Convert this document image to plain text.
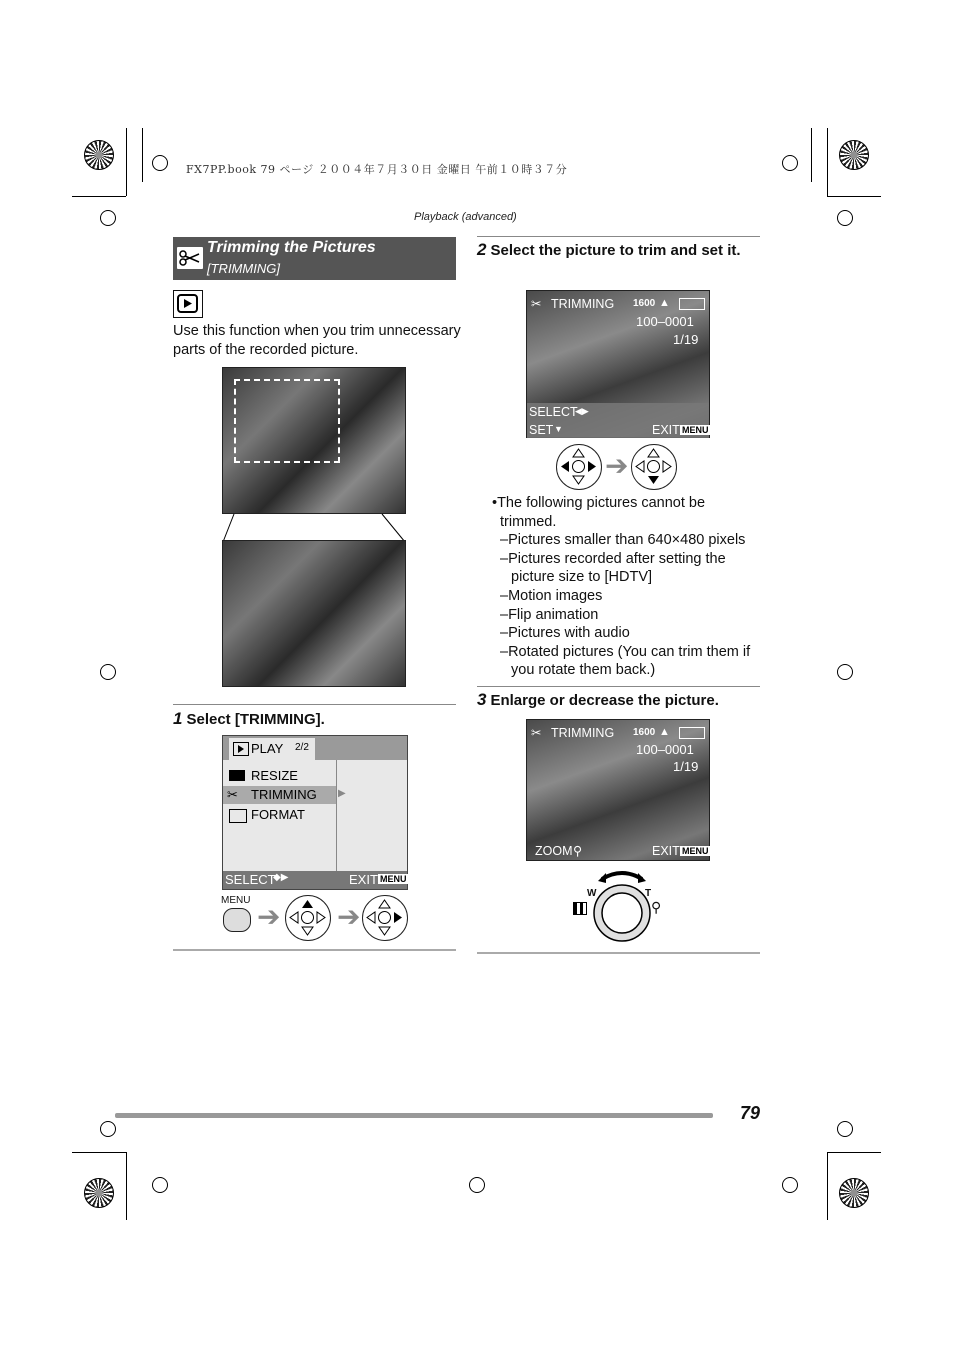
FX7PP.book 79 ページ ２００４年７月３０日 金曜日 午前１０時３７分
Playback (advanced)
Trimming the Pictures
[TRIMMING]
Use this function when you trim unnecessary parts of the recorded picture.
1 Select [TRIMMING].
PLAY 2/2
RESIZE
✂ TRIMMING ▶
FORMAT
SELECT
◆▶	EXIT MENU
MENU
➔ ➔
2 Select the picture to trim and set it.
✂ TRIMMING 1600 ▲
100–0001
1/19
SELECT
◀▶
SET ▼	EXIT MENU
➔
•The following pictures cannot be trimmed.
–Pictures smaller than 640×480 pixels
–Pictures recorded after setting the picture size to [HDTV]
–Motion images
–Flip animation
–Pictures with audio
–Rotated pictures (You can trim them if you rotate them back.)
3 Enlarge or decrease the picture.
✂ TRIMMING 1600 ▲
100–0001
1/19
ZOOM ⚲	EXIT MENU
W	T
⚲
79
